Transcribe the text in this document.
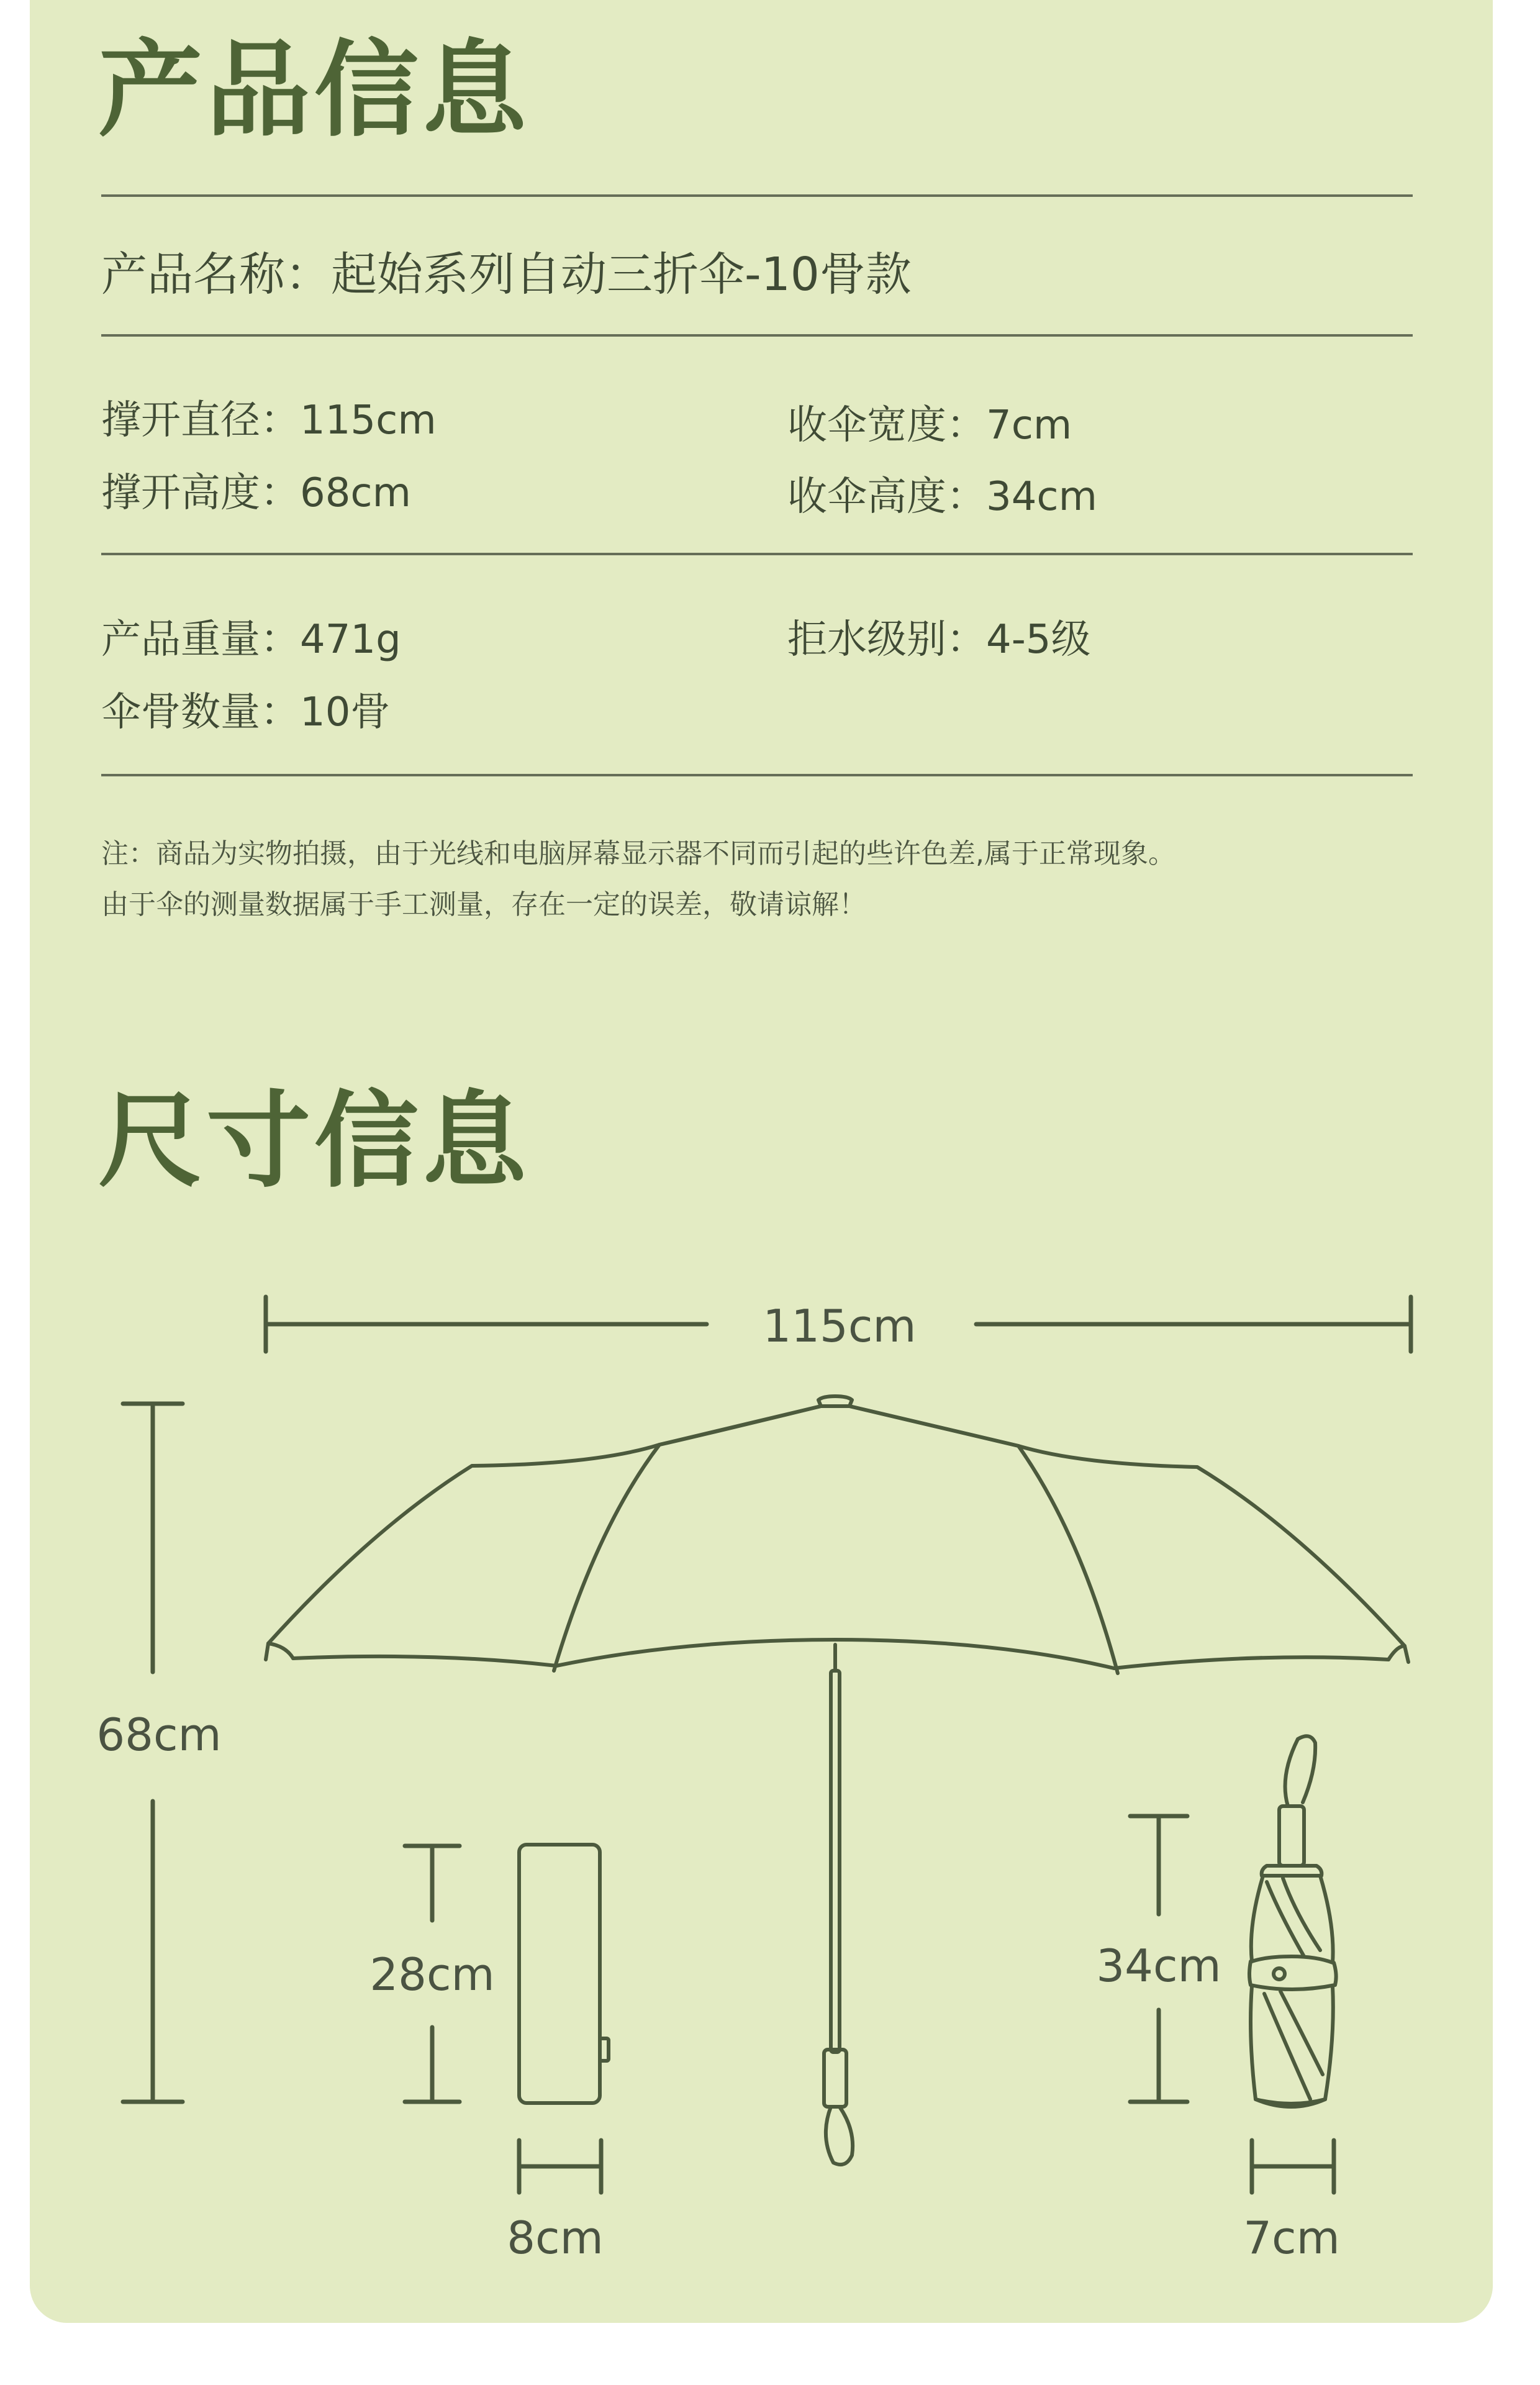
产品信息
产品名称：起始系列自动三折伞-10骨款
撑开直径：115cm	收伞宽度：7cm
撑开高度：68cm	收伞高度：34cm
产品重量：471g	拒水级别：4-5级
伞骨数量：10骨
注：商品为实物拍摄，由于光线和电脑屏幕显示器不同而引起的些许色差,属于正常现象。
由于伞的测量数据属于手工测量，存在一定的误差，敬请谅解！
尺寸信息
115cm
68cm
28cm
8cm
34cm
7cm
